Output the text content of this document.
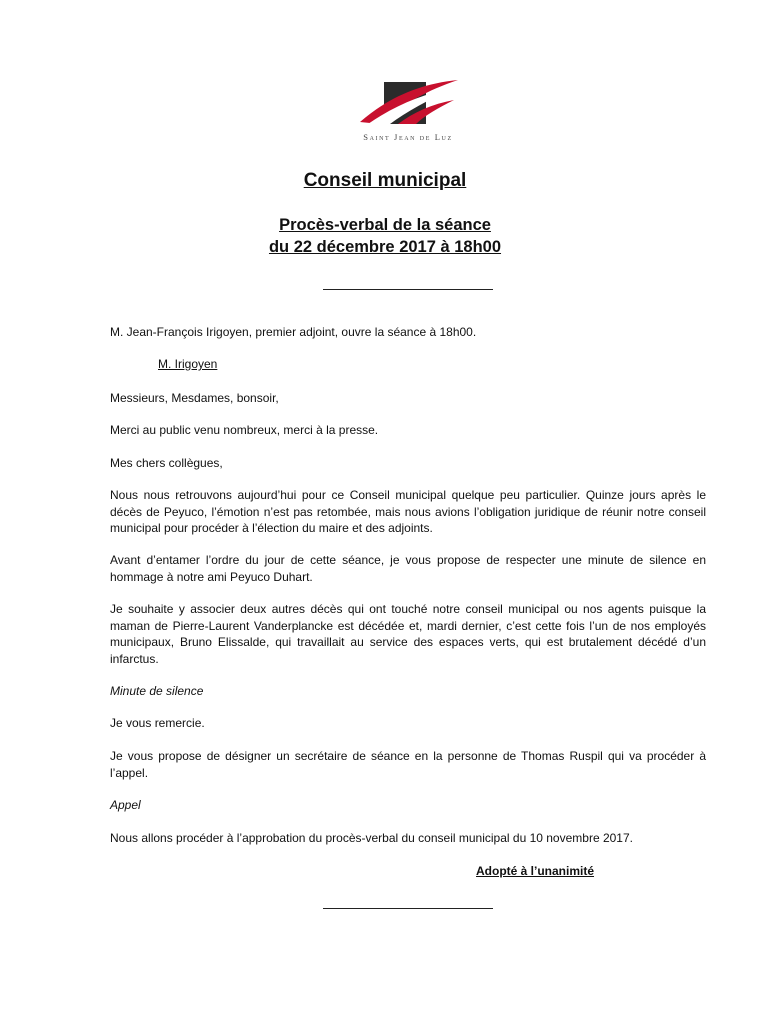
Saint Jean de Luz
Conseil municipal
Procès-verbal de la séance
du 22 décembre 2017 à 18h00

M. Jean-François Irigoyen, premier adjoint, ouvre la séance à 18h00.

M. Irigoyen

Messieurs, Mesdames, bonsoir,

Merci au public venu nombreux, merci à la presse.

Mes chers collègues,

Nous nous retrouvons aujourd’hui pour ce Conseil municipal quelque peu particulier. Quinze jours après le décès de Peyuco, l’émotion n’est pas retombée, mais nous avions l’obligation juridique de réunir notre conseil municipal pour procéder à l’élection du maire et des adjoints.

Avant d’entamer l’ordre du jour de cette séance, je vous propose de respecter une minute de silence en hommage à notre ami Peyuco Duhart.

Je souhaite y associer deux autres décès qui ont touché notre conseil municipal ou nos agents puisque la maman de Pierre-Laurent Vanderplancke est décédée et, mardi dernier, c’est cette fois l’un de nos employés municipaux, Bruno Elissalde, qui travaillait au service des espaces verts, qui est brutalement décédé d’un infarctus.

Minute de silence

Je vous remercie.

Je vous propose de désigner un secrétaire de séance en la personne de Thomas Ruspil qui va procéder à l’appel.

Appel

Nous allons procéder à l’approbation du procès-verbal du conseil municipal du 10 novembre 2017.

Adopté à l’unanimité
